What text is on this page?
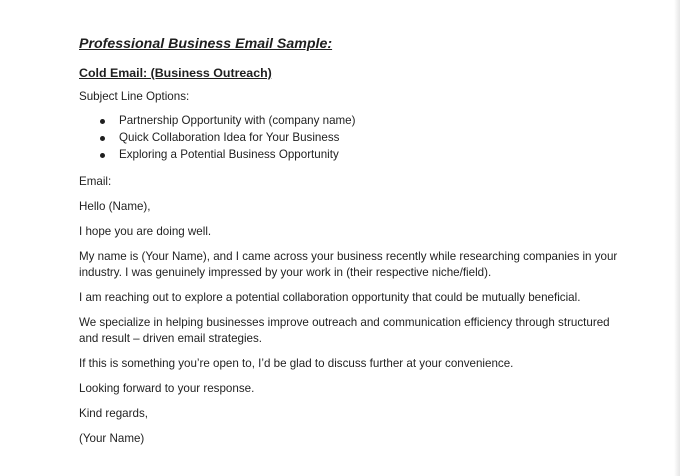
Professional Business Email Sample:
Cold Email: (Business Outreach)
Subject Line Options:
Partnership Opportunity with (company name)
Quick Collaboration Idea for Your Business
Exploring a Potential Business Opportunity
Email:
Hello (Name),
I hope you are doing well.
My name is (Your Name), and I came across your business recently while researching companies in your
industry. I was genuinely impressed by your work in (their respective niche/field).
I am reaching out to explore a potential collaboration opportunity that could be mutually beneficial.
We specialize in helping businesses improve outreach and communication efficiency through structured
and result – driven email strategies.
If this is something you’re open to, I’d be glad to discuss further at your convenience.
Looking forward to your response.
Kind regards,
(Your Name)
